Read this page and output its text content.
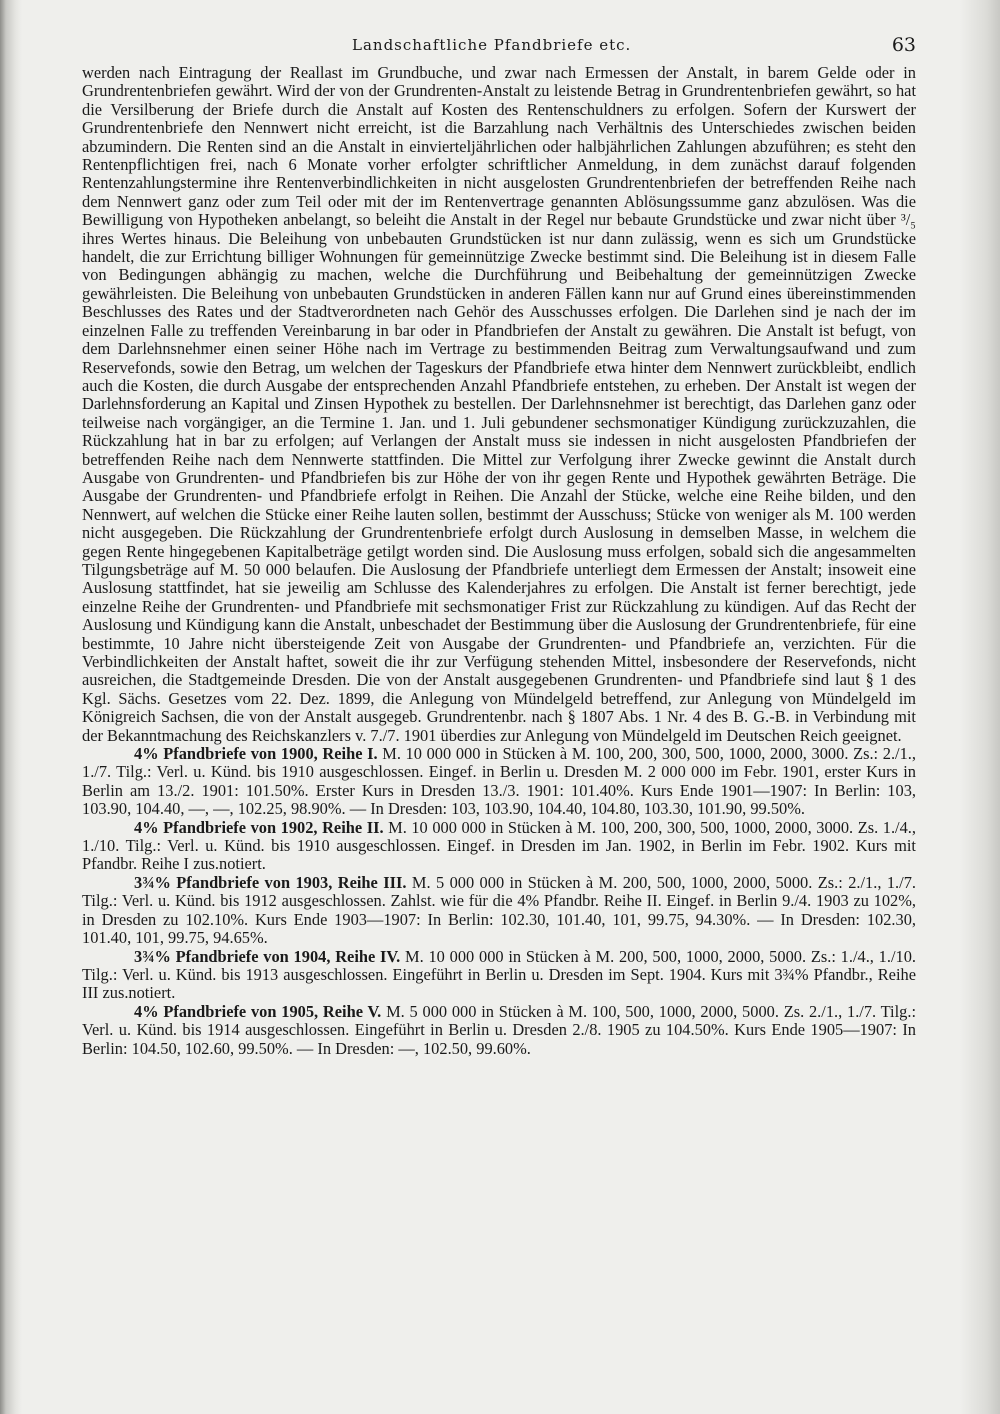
Landschaftliche Pfandbriefe etc.	63

werden nach Eintragung der Reallast im Grundbuche, und zwar nach Ermessen der Anstalt, in barem Gelde oder in Grundrentenbriefen gewährt. Wird der von der Grundrenten-Anstalt zu leistende Betrag in Grundrentenbriefen gewährt, so hat die Versilberung der Briefe durch die Anstalt auf Kosten des Rentenschuldners zu erfolgen. Sofern der Kurswert der Grundrentenbriefe den Nennwert nicht erreicht, ist die Barzahlung nach Verhältnis des Unterschiedes zwischen beiden abzumindern. Die Renten sind an die Anstalt in einvierteljährlichen oder halbjährlichen Zahlungen abzuführen; es steht den Rentenpflichtigen frei, nach 6 Monate vorher erfolgter schriftlicher Anmeldung, in dem zunächst darauf folgenden Rentenzahlungstermine ihre Rentenverbindlichkeiten in nicht ausgelosten Grundrentenbriefen der betreffenden Reihe nach dem Nennwert ganz oder zum Teil oder mit der im Rentenvertrage genannten Ablösungssumme ganz abzulösen. Was die Bewilligung von Hypotheken anbelangt, so beleiht die Anstalt in der Regel nur bebaute Grundstücke und zwar nicht über ³/₅ ihres Wertes hinaus. Die Beleihung von unbebauten Grundstücken ist nur dann zulässig, wenn es sich um Grundstücke handelt, die zur Errichtung billiger Wohnungen für gemeinnützige Zwecke bestimmt sind. Die Beleihung ist in diesem Falle von Bedingungen abhängig zu machen, welche die Durchführung und Beibehaltung der gemeinnützigen Zwecke gewährleisten. Die Beleihung von unbebauten Grundstücken in anderen Fällen kann nur auf Grund eines übereinstimmenden Beschlusses des Rates und der Stadtverordneten nach Gehör des Ausschusses erfolgen. Die Darlehen sind je nach der im einzelnen Falle zu treffenden Vereinbarung in bar oder in Pfandbriefen der Anstalt zu gewähren. Die Anstalt ist befugt, von dem Darlehnsnehmer einen seiner Höhe nach im Vertrage zu bestimmenden Beitrag zum Verwaltungsaufwand und zum Reservefonds, sowie den Betrag, um welchen der Tageskurs der Pfandbriefe etwa hinter dem Nennwert zurückbleibt, endlich auch die Kosten, die durch Ausgabe der entsprechenden Anzahl Pfandbriefe entstehen, zu erheben. Der Anstalt ist wegen der Darlehnsforderung an Kapital und Zinsen Hypothek zu bestellen. Der Darlehnsnehmer ist berechtigt, das Darlehen ganz oder teilweise nach vorgängiger, an die Termine 1. Jan. und 1. Juli gebundener sechsmonatiger Kündigung zurückzuzahlen, die Rückzahlung hat in bar zu erfolgen; auf Verlangen der Anstalt muss sie indessen in nicht ausgelosten Pfandbriefen der betreffenden Reihe nach dem Nennwerte stattfinden. Die Mittel zur Verfolgung ihrer Zwecke gewinnt die Anstalt durch Ausgabe von Grundrenten- und Pfandbriefen bis zur Höhe der von ihr gegen Rente und Hypothek gewährten Beträge. Die Ausgabe der Grundrenten- und Pfandbriefe erfolgt in Reihen. Die Anzahl der Stücke, welche eine Reihe bilden, und den Nennwert, auf welchen die Stücke einer Reihe lauten sollen, bestimmt der Ausschuss; Stücke von weniger als M. 100 werden nicht ausgegeben. Die Rückzahlung der Grundrentenbriefe erfolgt durch Auslosung in demselben Masse, in welchem die gegen Rente hingegebenen Kapitalbeträge getilgt worden sind. Die Auslosung muss erfolgen, sobald sich die angesammelten Tilgungsbeträge auf M. 50 000 belaufen. Die Auslosung der Pfandbriefe unterliegt dem Ermessen der Anstalt; insoweit eine Auslosung stattfindet, hat sie jeweilig am Schlusse des Kalenderjahres zu erfolgen. Die Anstalt ist ferner berechtigt, jede einzelne Reihe der Grundrenten- und Pfandbriefe mit sechsmonatiger Frist zur Rückzahlung zu kündigen. Auf das Recht der Auslosung und Kündigung kann die Anstalt, unbeschadet der Bestimmung über die Auslosung der Grundrentenbriefe, für eine bestimmte, 10 Jahre nicht übersteigende Zeit von Ausgabe der Grundrenten- und Pfandbriefe an, verzichten. Für die Verbindlichkeiten der Anstalt haftet, soweit die ihr zur Verfügung stehenden Mittel, insbesondere der Reservefonds, nicht ausreichen, die Stadtgemeinde Dresden. Die von der Anstalt ausgegebenen Grundrenten- und Pfandbriefe sind laut § 1 des Kgl. Sächs. Gesetzes vom 22. Dez. 1899, die Anlegung von Mündelgeld betreffend, zur Anlegung von Mündelgeld im Königreich Sachsen, die von der Anstalt ausgegeb. Grundrentenbr. nach § 1807 Abs. 1 Nr. 4 des B. G.-B. in Verbindung mit der Bekanntmachung des Reichskanzlers v. 7./7. 1901 überdies zur Anlegung von Mündelgeld im Deutschen Reich geeignet.

4% Pfandbriefe von 1900, Reihe I. M. 10 000 000 in Stücken à M. 100, 200, 300, 500, 1000, 2000, 3000. Zs.: 2./1., 1./7. Tilg.: Verl. u. Künd. bis 1910 ausgeschlossen. Eingef. in Berlin u. Dresden M. 2 000 000 im Febr. 1901, erster Kurs in Berlin am 13./2. 1901: 101.50%. Erster Kurs in Dresden 13./3. 1901: 101.40%. Kurs Ende 1901—1907: In Berlin: 103, 103.90, 104.40, —, —, 102.25, 98.90%. — In Dresden: 103, 103.90, 104.40, 104.80, 103.30, 101.90, 99.50%.

4% Pfandbriefe von 1902, Reihe II. M. 10 000 000 in Stücken à M. 100, 200, 300, 500, 1000, 2000, 3000. Zs. 1./4., 1./10. Tilg.: Verl. u. Künd. bis 1910 ausgeschlossen. Eingef. in Dresden im Jan. 1902, in Berlin im Febr. 1902. Kurs mit Pfandbr. Reihe I zus.notiert.

3¾% Pfandbriefe von 1903, Reihe III. M. 5 000 000 in Stücken à M. 200, 500, 1000, 2000, 5000. Zs.: 2./1., 1./7. Tilg.: Verl. u. Künd. bis 1912 ausgeschlossen. Zahlst. wie für die 4% Pfandbr. Reihe II. Eingef. in Berlin 9./4. 1903 zu 102%, in Dresden zu 102.10%. Kurs Ende 1903—1907: In Berlin: 102.30, 101.40, 101, 99.75, 94.30%. — In Dresden: 102.30, 101.40, 101, 99.75, 94.65%.

3¾% Pfandbriefe von 1904, Reihe IV. M. 10 000 000 in Stücken à M. 200, 500, 1000, 2000, 5000. Zs.: 1./4., 1./10. Tilg.: Verl. u. Künd. bis 1913 ausgeschlossen. Eingeführt in Berlin u. Dresden im Sept. 1904. Kurs mit 3¾% Pfandbr., Reihe III zus.notiert.

4% Pfandbriefe von 1905, Reihe V. M. 5 000 000 in Stücken à M. 100, 500, 1000, 2000, 5000. Zs. 2./1., 1./7. Tilg.: Verl. u. Künd. bis 1914 ausgeschlossen. Eingeführt in Berlin u. Dresden 2./8. 1905 zu 104.50%. Kurs Ende 1905—1907: In Berlin: 104.50, 102.60, 99.50%. — In Dresden: —, 102.50, 99.60%.
